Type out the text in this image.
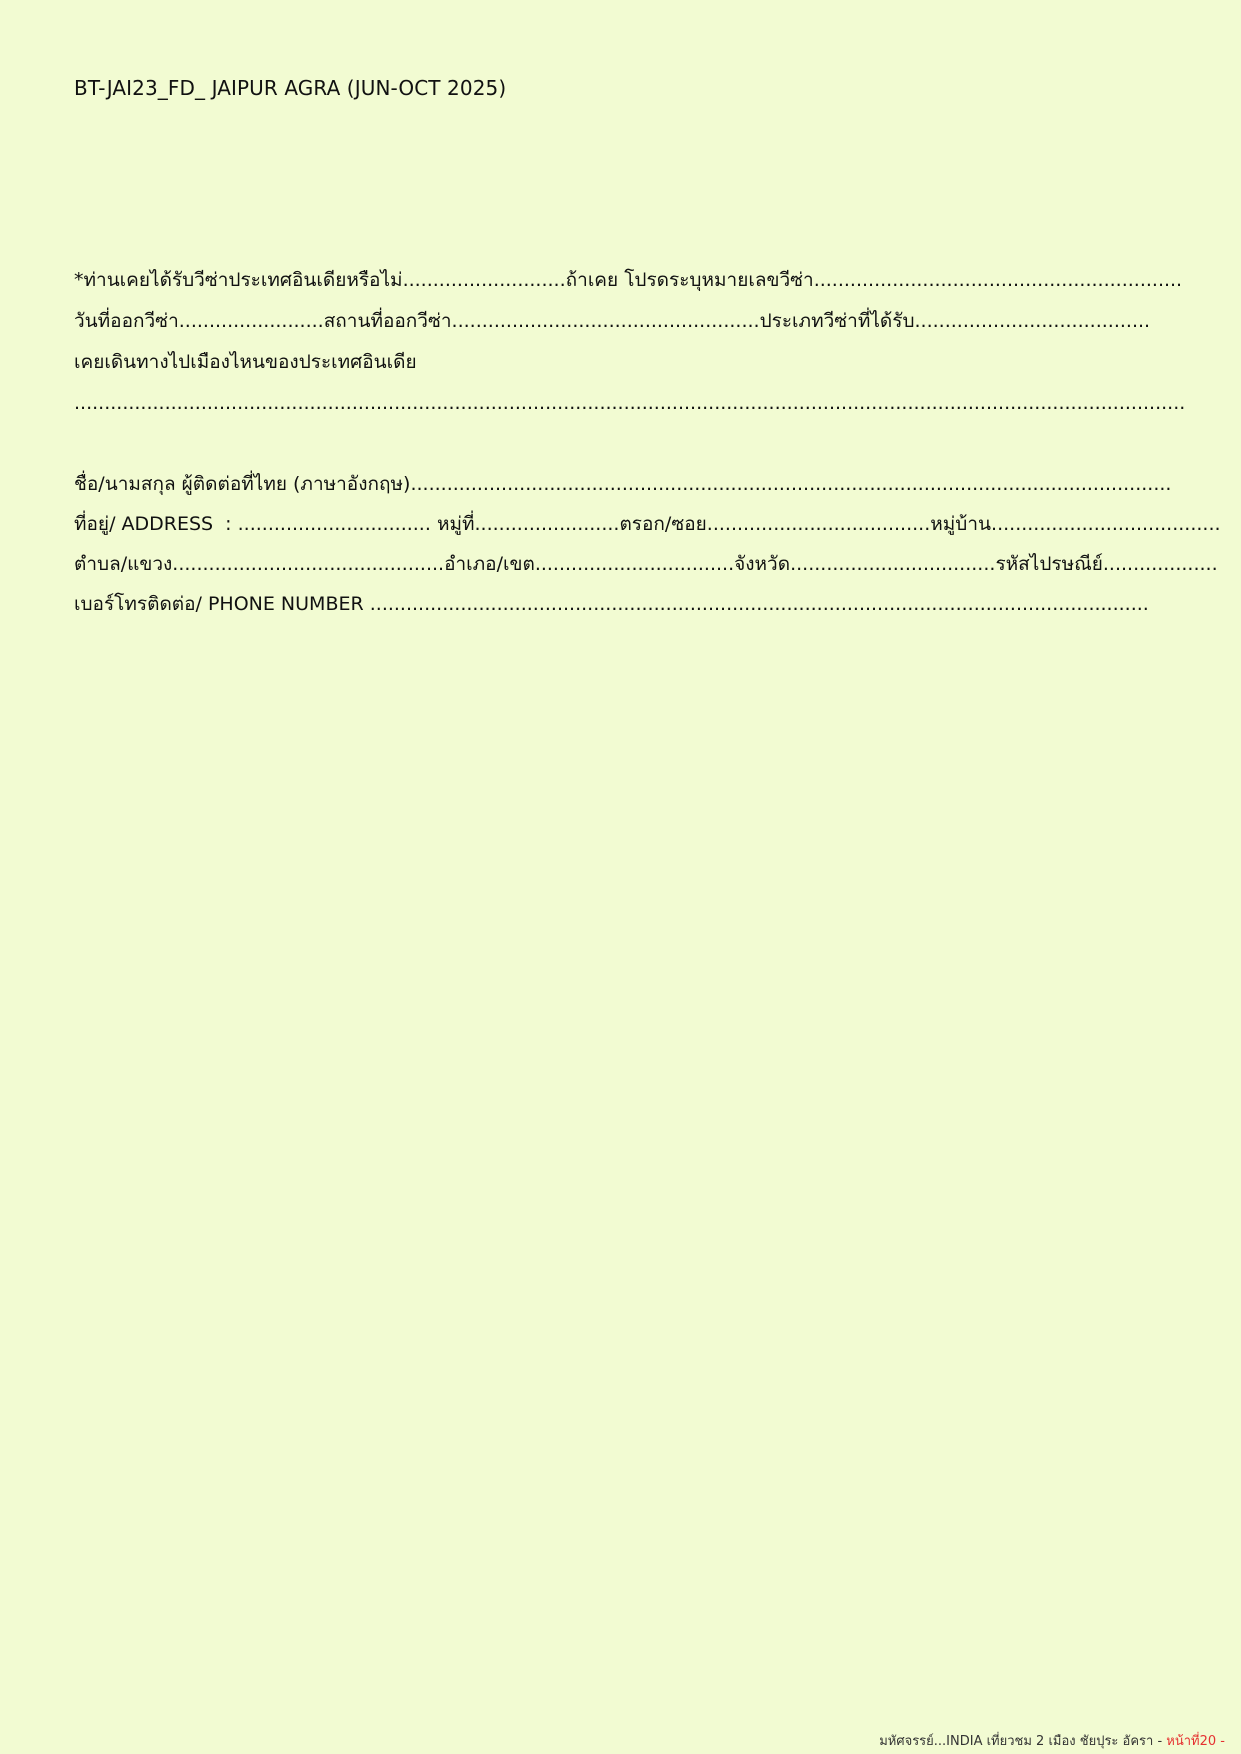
BT-JAI23_FD_ JAIPUR AGRA (JUN-OCT 2025)
*ท่านเคยได้รับวีซ่าประเทศอินเดียหรือไม่...........................ถ้าเคย โปรดระบุหมายเลขวีซ่า.............................................................
วันที่ออกวีซ่า........................สถานที่ออกวีซ่า...................................................ประเภทวีซ่าที่ได้รับ.......................................
เคยเดินทางไปเมืองไหนของประเทศอินเดีย
........................................................................................................................................................................................
ชื่อ/นามสกุล ผู้ติดต่อที่ไทย (ภาษาอังกฤษ)..............................................................................................................................
ที่อยู่/ ADDRESS  : ................................ หมู่ที่........................ตรอก/ซอย.....................................หมู่บ้าน......................................
ตำบล/แขวง.............................................อำเภอ/เขต.................................จังหวัด..................................รหัสไปรษณีย์...................
เบอร์โทรติดต่อ/ PHONE NUMBER .................................................................................................................................
มหัศจรรย์...INDIA เที่ยวชม 2 เมือง ชัยปุระ อัครา - หน้าที่20 -
